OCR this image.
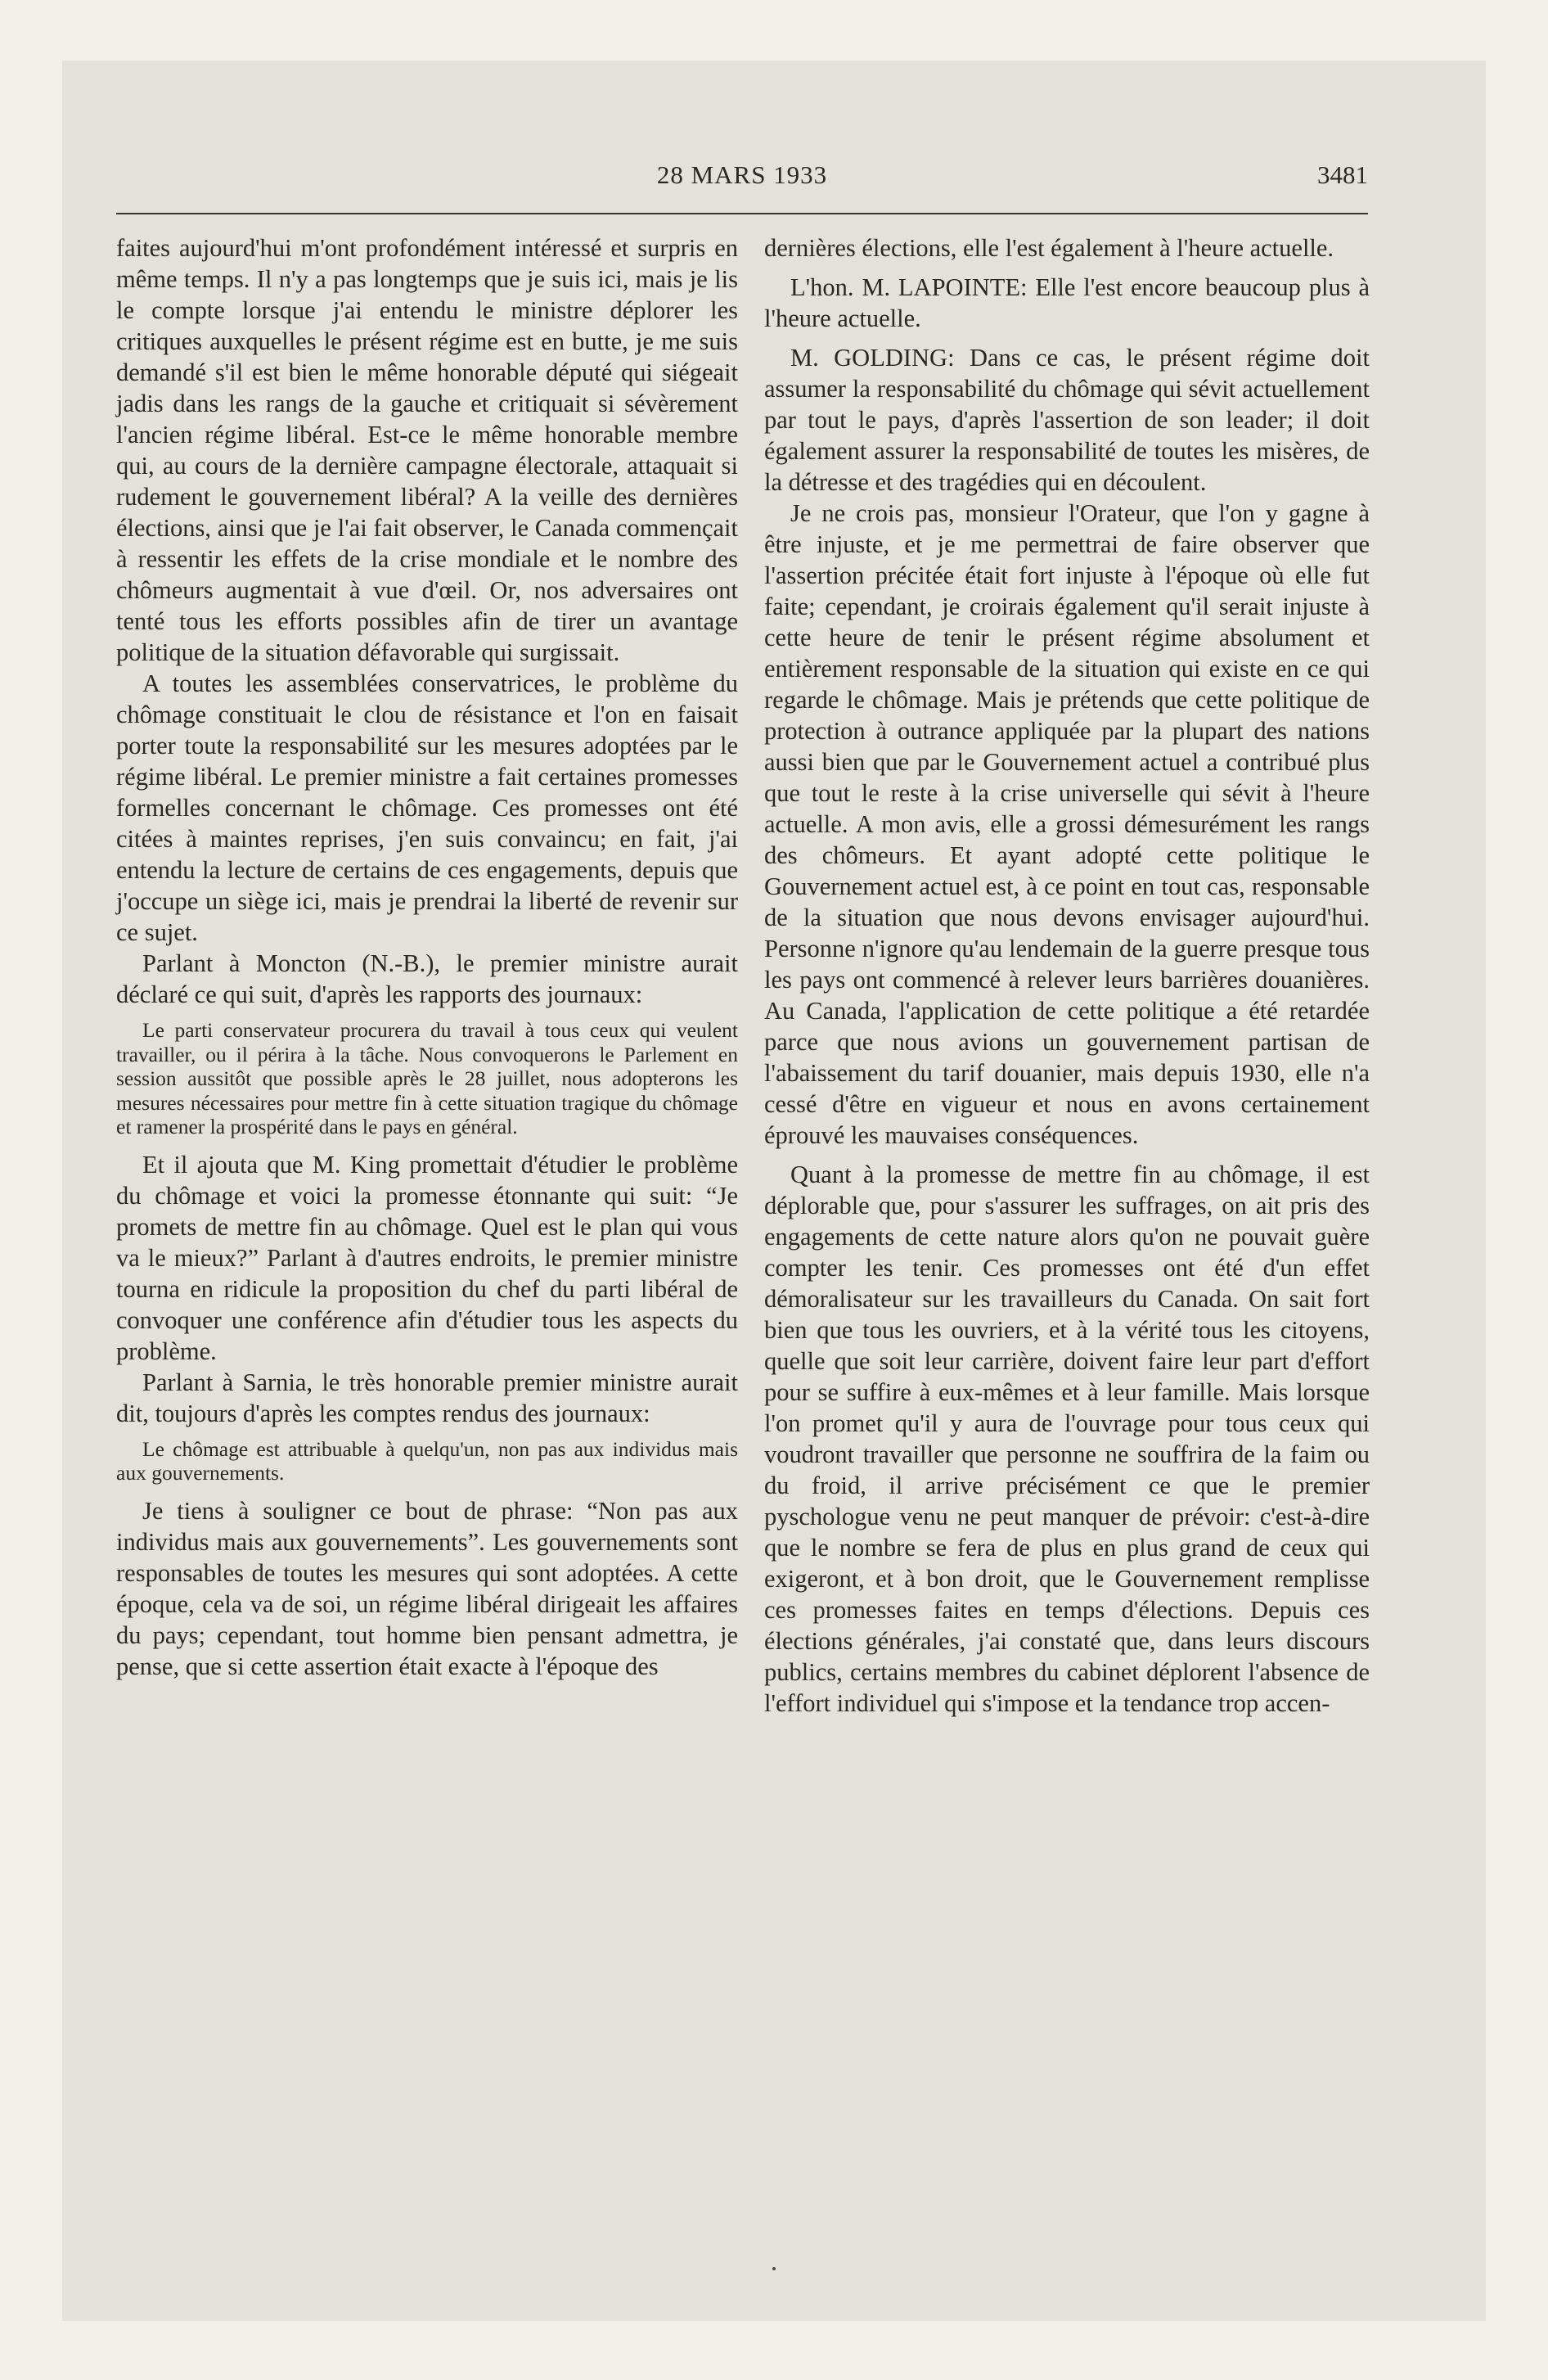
28 MARS 1933	3481

faites aujourd'hui m'ont profondément intéressé et surpris en même temps. Il n'y a pas longtemps que je suis ici, mais je lis le compte lorsque j'ai entendu le ministre déplorer les critiques auxquelles le présent régime est en butte, je me suis demandé s'il est bien le même honorable député qui siégeait jadis dans les rangs de la gauche et critiquait si sévèrement l'ancien régime libéral. Est-ce le même honorable membre qui, au cours de la dernière campagne électorale, attaquait si rudement le gouvernement libéral? A la veille des dernières élections, ainsi que je l'ai fait observer, le Canada commençait à ressentir les effets de la crise mondiale et le nombre des chômeurs augmentait à vue d'œil. Or, nos adversaires ont tenté tous les efforts possibles afin de tirer un avantage politique de la situation défavorable qui surgissait.

A toutes les assemblées conservatrices, le problème du chômage constituait le clou de résistance et l'on en faisait porter toute la responsabilité sur les mesures adoptées par le régime libéral. Le premier ministre a fait certaines promesses formelles concernant le chômage. Ces promesses ont été citées à maintes reprises, j'en suis convaincu; en fait, j'ai entendu la lecture de certains de ces engagements, depuis que j'occupe un siège ici, mais je prendrai la liberté de revenir sur ce sujet.

Parlant à Moncton (N.-B.), le premier ministre aurait déclaré ce qui suit, d'après les rapports des journaux:

Le parti conservateur procurera du travail à tous ceux qui veulent travailler, ou il périra à la tâche. Nous convoquerons le Parlement en session aussitôt que possible après le 28 juillet, nous adopterons les mesures nécessaires pour mettre fin à cette situation tragique du chômage et ramener la prospérité dans le pays en général.

Et il ajouta que M. King promettait d'étudier le problème du chômage et voici la promesse étonnante qui suit: “Je promets de mettre fin au chômage. Quel est le plan qui vous va le mieux?” Parlant à d'autres endroits, le premier ministre tourna en ridicule la proposition du chef du parti libéral de convoquer une conférence afin d'étudier tous les aspects du problème.

Parlant à Sarnia, le très honorable premier ministre aurait dit, toujours d'après les comptes rendus des journaux:

Le chômage est attribuable à quelqu'un, non pas aux individus mais aux gouvernements.

Je tiens à souligner ce bout de phrase: “Non pas aux individus mais aux gouvernements”. Les gouvernements sont responsables de toutes les mesures qui sont adoptées. A cette époque, cela va de soi, un régime libéral dirigeait les affaires du pays; cependant, tout homme bien pensant admettra, je pense, que si cette assertion était exacte à l'époque des

dernières élections, elle l'est également à l'heure actuelle.

L'hon. M. LAPOINTE: Elle l'est encore beaucoup plus à l'heure actuelle.

M. GOLDING: Dans ce cas, le présent régime doit assumer la responsabilité du chômage qui sévit actuellement par tout le pays, d'après l'assertion de son leader; il doit également assurer la responsabilité de toutes les misères, de la détresse et des tragédies qui en découlent.

Je ne crois pas, monsieur l'Orateur, que l'on y gagne à être injuste, et je me permettrai de faire observer que l'assertion précitée était fort injuste à l'époque où elle fut faite; cependant, je croirais également qu'il serait injuste à cette heure de tenir le présent régime absolument et entièrement responsable de la situation qui existe en ce qui regarde le chômage. Mais je prétends que cette politique de protection à outrance appliquée par la plupart des nations aussi bien que par le Gouvernement actuel a contribué plus que tout le reste à la crise universelle qui sévit à l'heure actuelle. A mon avis, elle a grossi démesurément les rangs des chômeurs. Et ayant adopté cette politique le Gouvernement actuel est, à ce point en tout cas, responsable de la situation que nous devons envisager aujourd'hui. Personne n'ignore qu'au lendemain de la guerre presque tous les pays ont commencé à relever leurs barrières douanières. Au Canada, l'application de cette politique a été retardée parce que nous avions un gouvernement partisan de l'abaissement du tarif douanier, mais depuis 1930, elle n'a cessé d'être en vigueur et nous en avons certainement éprouvé les mauvaises conséquences.

Quant à la promesse de mettre fin au chômage, il est déplorable que, pour s'assurer les suffrages, on ait pris des engagements de cette nature alors qu'on ne pouvait guère compter les tenir. Ces promesses ont été d'un effet démoralisateur sur les travailleurs du Canada. On sait fort bien que tous les ouvriers, et à la vérité tous les citoyens, quelle que soit leur carrière, doivent faire leur part d'effort pour se suffire à eux-mêmes et à leur famille. Mais lorsque l'on promet qu'il y aura de l'ouvrage pour tous ceux qui voudront travailler que personne ne souffrira de la faim ou du froid, il arrive précisément ce que le premier pyschologue venu ne peut manquer de prévoir: c'est-à-dire que le nombre se fera de plus en plus grand de ceux qui exigeront, et à bon droit, que le Gouvernement remplisse ces promesses faites en temps d'élections. Depuis ces élections générales, j'ai constaté que, dans leurs discours publics, certains membres du cabinet déplorent l'absence de l'effort individuel qui s'impose et la tendance trop accen-
